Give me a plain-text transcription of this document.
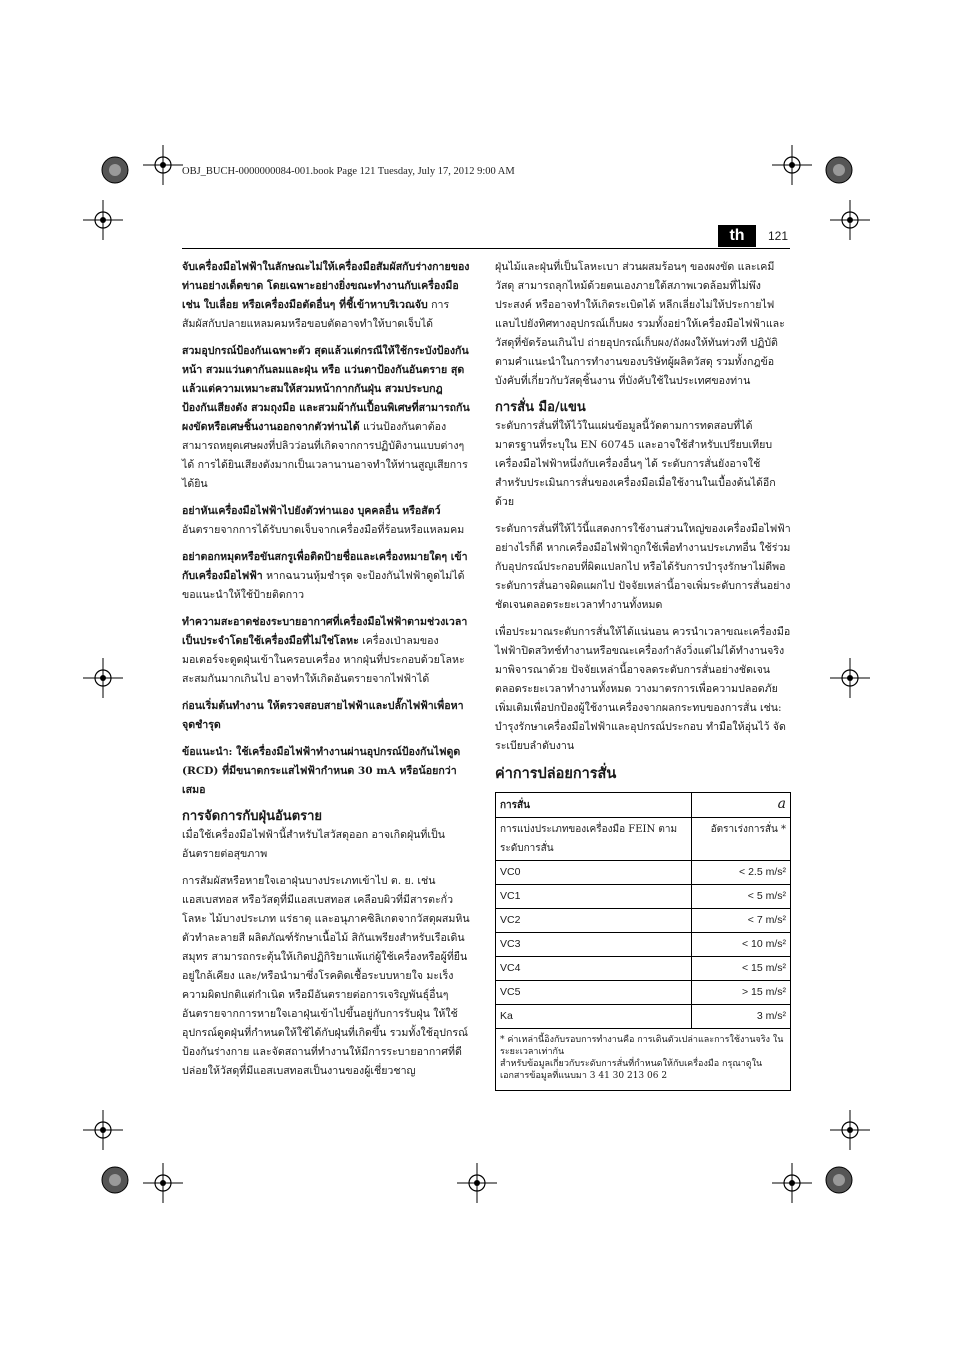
OBJ_BUCH-0000000084-001.book Page 121 Tuesday, July 17, 2012 9:00 AM
th	121

จับเครื่องมือไฟฟ้าในลักษณะไม่ให้เครื่องมือสัมผัสกับร่างกายของท่านอย่างเด็ดขาด โดยเฉพาะอย่างยิ่งขณะทำงานกับเครื่องมือ เช่น ใบเลื่อย หรือเครื่องมือตัดอื่นๆ ที่ชี้เข้าหาบริเวณจับ การสัมผัสกับปลายแหลมคมหรือขอบตัดอาจทำให้บาดเจ็บได้

สวมอุปกรณ์ป้องกันเฉพาะตัว สุดแล้วแต่กรณีให้ใช้กระบังป้องกันหน้า สวมแว่นตากันลมและฝุ่น หรือ แว่นตาป้องกันอันตราย สุดแล้วแต่ความเหมาะสมให้สวมหน้ากากกันฝุ่น สวมประบกฎป้องกันเสียงดัง สวมถุงมือ และสวมผ้ากันเปื้อนพิเศษที่สามารถกันผงขัดหรือเศษชิ้นงานออกจากตัวท่านได้ แว่นป้องกันตาต้องสามารถหยุดเศษผงที่ปลิวว่อนที่เกิดจากการปฏิบัติงานแบบต่างๆ ได้ การได้ยินเสียงดังมากเป็นเวลานานอาจทำให้ท่านสูญเสียการได้ยิน

อย่าหันเครื่องมือไฟฟ้าไปยังตัวท่านเอง บุคคลอื่น หรือสัตว์ อันตรายจากการได้รับบาดเจ็บจากเครื่องมือที่ร้อนหรือแหลมคม

อย่าตอกหมุดหรือขันสกรูเพื่อติดป้ายชื่อและเครื่องหมายใดๆ เข้ากับเครื่องมือไฟฟ้า หากฉนวนหุ้มชำรุด จะป้องกันไฟฟ้าดูดไม่ได้ ขอแนะนำให้ใช้ป้ายติดกาว

ทำความสะอาดช่องระบายอากาศที่เครื่องมือไฟฟ้าตามช่วงเวลาเป็นประจำโดยใช้เครื่องมือที่ไม่ใช่โลหะ เครื่องเป่าลมของมอเตอร์จะดูดฝุ่นเข้าในครอบเครื่อง หากฝุ่นที่ประกอบด้วยโลหะสะสมกันมากเกินไป อาจทำให้เกิดอันตรายจากไฟฟ้าได้

ก่อนเริ่มต้นทำงาน ให้ตรวจสอบสายไฟฟ้าและปลั๊กไฟฟ้าเพื่อหาจุดชำรุด

ข้อแนะนำ: ใช้เครื่องมือไฟฟ้าทำงานผ่านอุปกรณ์ป้องกันไฟดูด (RCD) ที่มีขนาดกระแสไฟฟ้ากำหนด 30 mA หรือน้อยกว่าเสมอ

การจัดการกับฝุ่นอันตราย

เมื่อใช้เครื่องมือไฟฟ้านี้สำหรับไสวัสดุออก อาจเกิดฝุ่นที่เป็นอันตรายต่อสุขภาพ

การสัมผัสหรือหายใจเอาฝุ่นบางประเภทเข้าไป ต. ย. เช่น แอสเบสทอส หรือวัสดุที่มีแอสเบสทอส เคลือบผิวที่มีสารตะกั่ว โลหะ ไม้บางประเภท แร่ธาตุ และอนุภาคซิลิเกตจากวัสดุผสมหิน ตัวทำละลายสี ผลิตภัณฑ์รักษาเนื้อไม้ สิกันเพรียงสำหรับเรือเดินสมุทร สามารถกระตุ้นให้เกิดปฏิกิริยาแพ้แก่ผู้ใช้เครื่องหรือผู้ที่ยืนอยู่ใกล้เคียง และ/หรือนำมาซึ่งโรคติดเชื้อระบบหายใจ มะเร็ง ความผิดปกติแต่กำเนิด หรือมีอันตรายต่อการเจริญพันธุ์อื่นๆ อันตรายจากการหายใจเอาฝุ่นเข้าไปขึ้นอยู่กับการรับฝุ่น ให้ใช้อุปกรณ์ดูดฝุ่นที่กำหนดให้ใช้ได้กับฝุ่นที่เกิดขึ้น รวมทั้งใช้อุปกรณ์ป้องกันร่างกาย และจัดสถานที่ทำงานให้มีการระบายอากาศที่ดี ปล่อยให้วัสดุที่มีแอสเบสทอสเป็นงานของผู้เชี่ยวชาญ

ฝุ่นไม้และฝุ่นที่เป็นโลหะเบา ส่วนผสมร้อนๆ ของผงขัด และเคมีวัสดุ สามารถลุกไหม้ด้วยตนเองภายใต้สภาพเวดล้อมที่ไม่พึงประสงค์ หรืออาจทำให้เกิดระเบิดได้ หลีกเลี่ยงไม่ให้ประกายไฟแลบไปยังทิศทางอุปกรณ์เก็บผง รวมทั้งอย่าให้เครื่องมือไฟฟ้าและวัสดุที่ขัดร้อนเกินไป ถ่ายอุปกรณ์เก็บผง/ถังผงให้ทันท่วงที ปฏิบัติตามคำแนะนำในการทำงานของบริษัทผู้ผลิตวัสดุ รวมทั้งกฎข้อบังคับที่เกี่ยวกับวัสดุชิ้นงาน ที่บังคับใช้ในประเทศของท่าน

การสั่น มือ/แขน

ระดับการสั่นที่ให้ไว้ในแผ่นข้อมูลนี้วัดตามการทดสอบที่ได้มาตรฐานที่ระบุใน EN 60745 และอาจใช้สำหรับเปรียบเทียบเครื่องมือไฟฟ้าหนึ่งกับเครื่องอื่นๆ ได้ ระดับการสั่นยังอาจใช้สำหรับประเมินการสั่นของเครื่องมือเมื่อใช้งานในเบื้องต้นได้อีกด้วย

ระดับการสั่นที่ให้ไว้นี้แสดงการใช้งานส่วนใหญ่ของเครื่องมือไฟฟ้า อย่างไรก็ดี หากเครื่องมือไฟฟ้าถูกใช้เพื่อทำงานประเภทอื่น ใช้ร่วมกับอุปกรณ์ประกอบที่ผิดแปลกไป หรือได้รับการบำรุงรักษาไม่ดีพอ ระดับการสั่นอาจผิดแผกไป ปัจจัยเหล่านี้อาจเพิ่มระดับการสั่นอย่างชัดเจนตลอดระยะเวลาทำงานทั้งหมด

เพื่อประมาณระดับการสั่นให้ได้แน่นอน ควรนำเวลาขณะเครื่องมือไฟฟ้าปิดสวิทช์ทำงานหรือขณะเครื่องกำลังวิ่งแต่ไม่ได้ทำงานจริงมาพิจารณาด้วย ปัจจัยเหล่านี้อาจลดระดับการสั่นอย่างชัดเจนตลอดระยะเวลาทำงานทั้งหมด วางมาตรการเพื่อความปลอดภัยเพิ่มเติมเพื่อปกป้องผู้ใช้งานเครื่องจากผลกระทบของการสั่น เช่น: บำรุงรักษาเครื่องมือไฟฟ้าและอุปกรณ์ประกอบ ทำมือให้อุ่นไว้ จัดระเบียบลำดับงาน

ค่าการปล่อยการสั่น
การสั่น	a
การแบ่งประเภทของเครื่องมือ FEIN ตามระดับการสั่น	อัตราเร่งการสั่น *
VC0	< 2.5 m/s²
VC1	< 5 m/s²
VC2	< 7 m/s²
VC3	< 10 m/s²
VC4	< 15 m/s²
VC5	> 15 m/s²
Ka	3 m/s²

* ค่าเหล่านี้อิงกับรอบการทำงานคือ การเดินตัวเปล่าและการใช้งานจริง ในระยะเวลาเท่ากัน
สำหรับข้อมูลเกี่ยวกับระดับการสั่นที่กำหนดให้กับเครื่องมือ กรุณาดูในเอกสารข้อมูลที่แนบมา 3 41 30 213 06 2	
